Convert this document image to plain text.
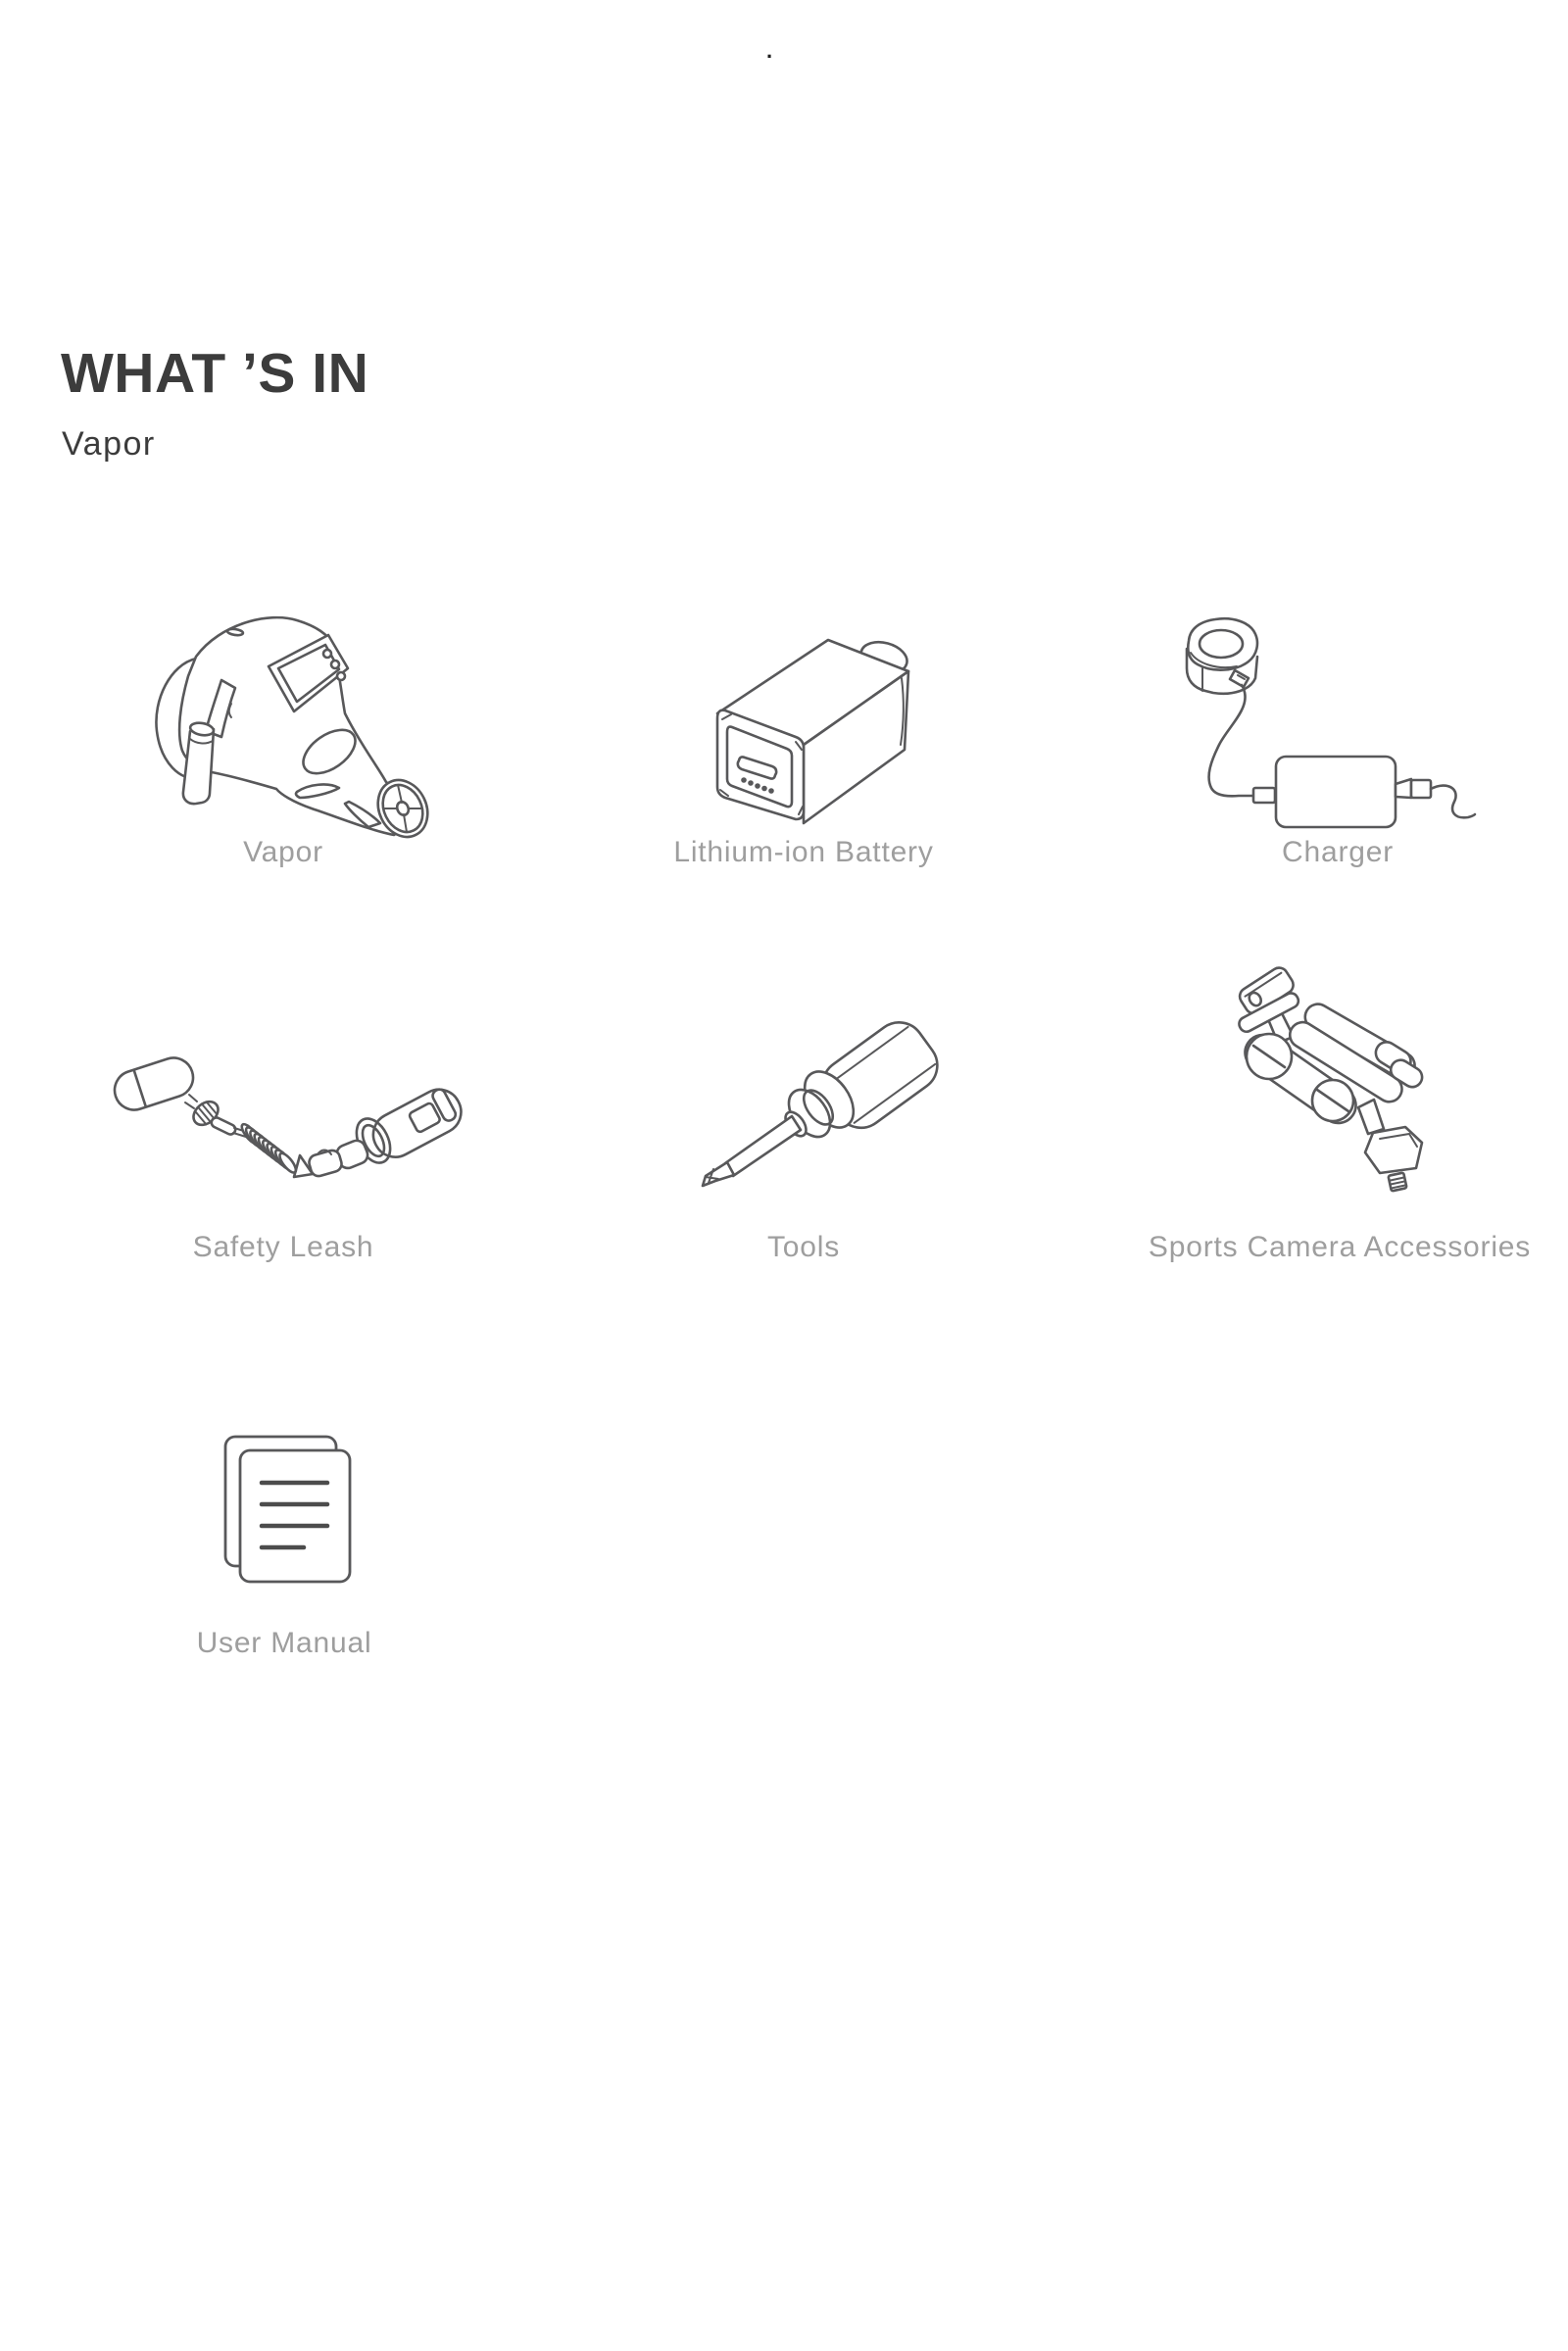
.
WHAT ’S IN
Vapor
Vapor	Lithium-ion Battery	Charger
Safety Leash	Tools	Sports Camera Accessories
User Manual
